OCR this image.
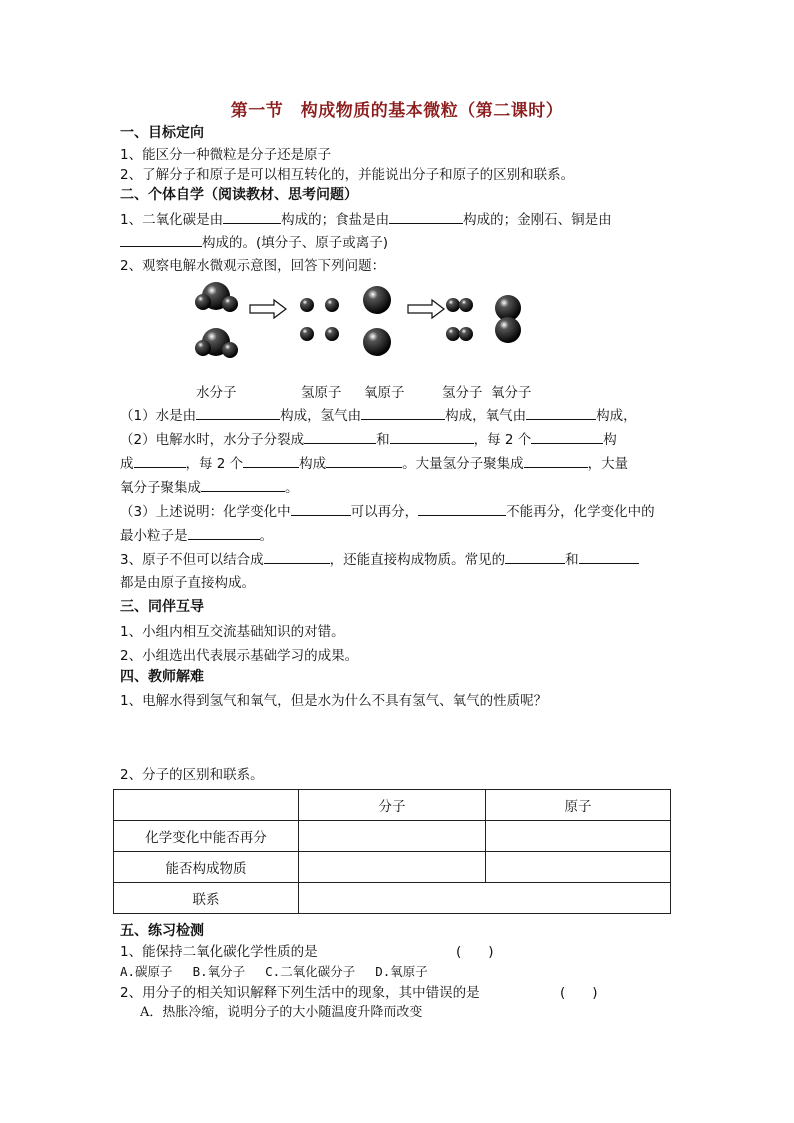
第一节　构成物质的基本微粒（第二课时）
一、目标定向
1、能区分一种微粒是分子还是原子
2、了解分子和原子是可以相互转化的，并能说出分子和原子的区别和联系。
二、个体自学（阅读教材、思考问题）
1、二氧化碳是由	构成的；食盐是由	构成的；金刚石、铜是由
构成的。(填分子、原子或离子)
2、观察电解水微观示意图，回答下列问题：
水分子	氢原子 氧原子	氢分子 氧分子
（1）水是由	构成，氢气由	构成，氧气由	构成，
（2）电解水时，水分子分裂成	和	，每 2 个	构
成	，每 2 个	构成	。大量氢分子聚集成	，大量
氧分子聚集成	。
（3）上述说明：化学变化中	可以再分，	不能再分，化学变化中的
最小粒子是	。
3、原子不但可以结合成	，还能直接构成物质。常见的	和
都是由原子直接构成。
三、同伴互导
1、小组内相互交流基础知识的对错。
2、小组选出代表展示基础学习的成果。
四、教师解难
1、电解水得到氢气和氧气，但是水为什么不具有氢气、氧气的性质呢？
2、分子的区别和联系。
	分子	原子
化学变化中能否再分		
能否构成物质		
联系		
五、练习检测
1、能保持二氧化碳化学性质的是	(　　)
A.碳原子　 B.氧分子　 C.二氧化碳分子　 D.氧原子
2、用分子的相关知识解释下列生活中的现象，其中错误的是	(　　)
A．热胀冷缩，说明分子的大小随温度升降而改变
